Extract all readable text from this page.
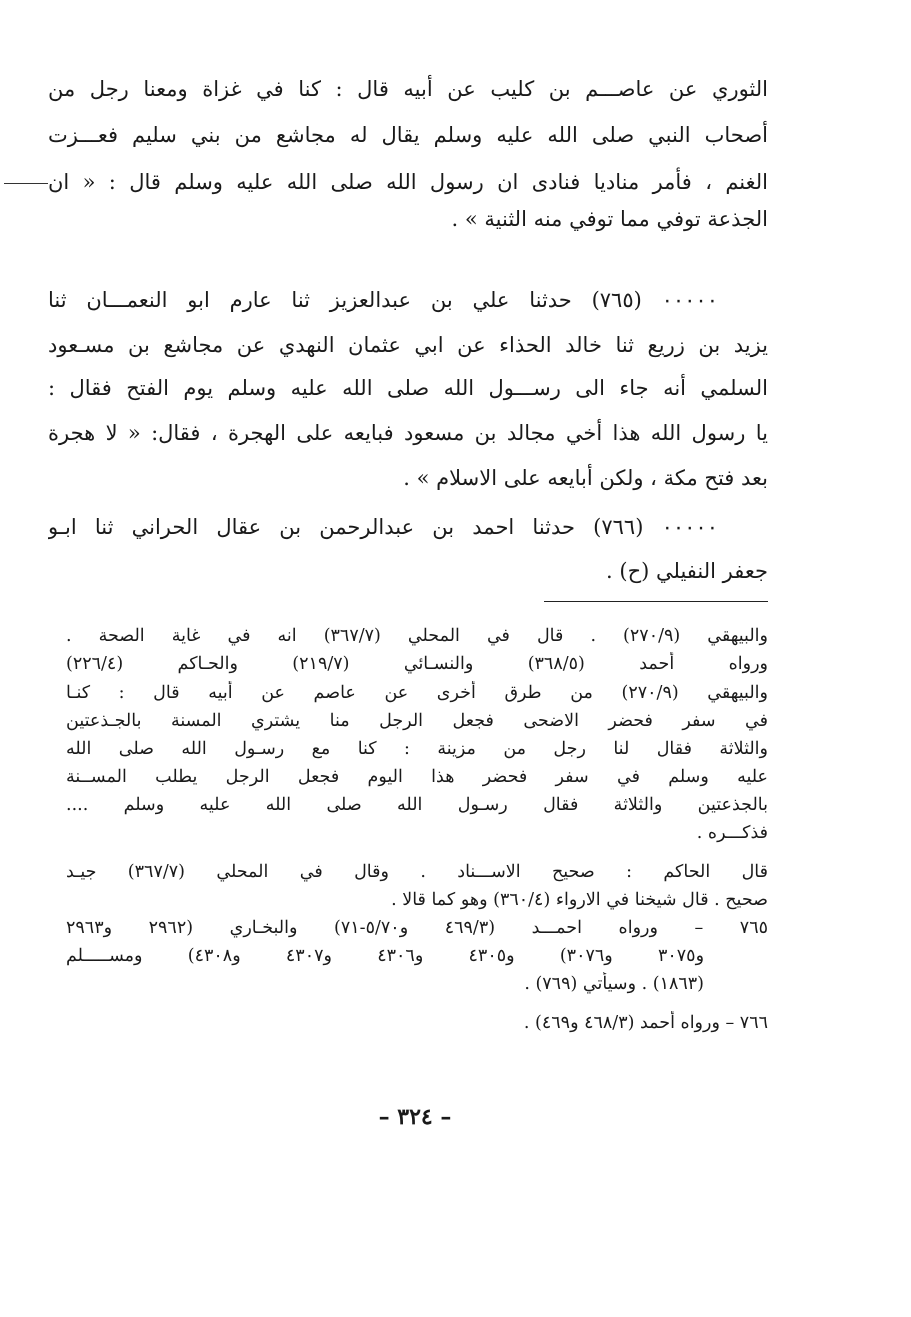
الثوري عن عاصـــم بن كليب عن أبيه قال : كنا في غزاة ومعنا رجل من
أصحاب النبي صلى الله عليه وسلم يقال له مجاشع من بني سليم فعـــزت
الغنم ، فأمر مناديا فنادى ان رسول الله صلى الله عليه وسلم قال : « ان
الجذعة توفي مما توفي منه الثنية » .
٠٠٠٠٠ (٧٦٥) حدثنا علي بن عبدالعزيز ثنا عارم ابو النعمـــان ثنا
يزيد بن زريع ثنا خالد الحذاء عن ابي عثمان النهدي عن مجاشع بن مسـعود
السلمي أنه جاء الى رســـول الله صلى الله عليه وسلم يوم الفتح فقال :
يا رسول الله هذا أخي مجالد بن مسعود فبايعه على الهجرة ، فقال: « لا هجرة
بعد فتح مكة ، ولكن أبايعه على الاسلام » .
٠٠٠٠٠ (٧٦٦) حدثنا احمد بن عبدالرحمن بن عقال الحراني ثنا ابـو
جعفر النفيلي (ح) .
والبيهقي (٢٧٠/٩) . قال في المحلي (٣٦٧/٧) انه في غاية الصحة .
ورواه أحمد (٣٦٨/٥) والنسـائي (٢١٩/٧) والحـاكم (٢٢٦/٤)
والبيهقي (٢٧٠/٩) من طرق أخرى عن عاصم عن أبيه قال : كنـا
في سفر فحضر الاضحى فجعل الرجل منا يشتري المسنة بالجـذعتين
والثلاثة فقال لنا رجل من مزينة : كنا مع رسـول الله صلى الله
عليه وسلم في سفر فحضر هذا اليوم فجعل الرجل يطلب المســنة
بالجذعتين والثلاثة فقال رسـول الله صلى الله عليه وسلم ....
فذكـــره .
قال الحاكم : صحيح الاســـناد . وقال في المحلي (٣٦٧/٧) جيـد
صحيح . قال شيخنا في الارواء (٣٦٠/٤) وهو كما قالا .
٧٦٥ – ورواه احمـــد (٤٦٩/٣ و٥/٧٠-٧١) والبخـاري (٢٩٦٢ و٢٩٦٣
و٣٠٧٥ و٣٠٧٦) و٤٣٠٥ و٤٣٠٦ و٤٣٠٧ و٤٣٠٨) ومســـــلم
(١٨٦٣) . وسيأتي (٧٦٩) .
٧٦٦ – ورواه أحمد (٤٦٨/٣ و٤٦٩) .
– ٣٢٤ –
